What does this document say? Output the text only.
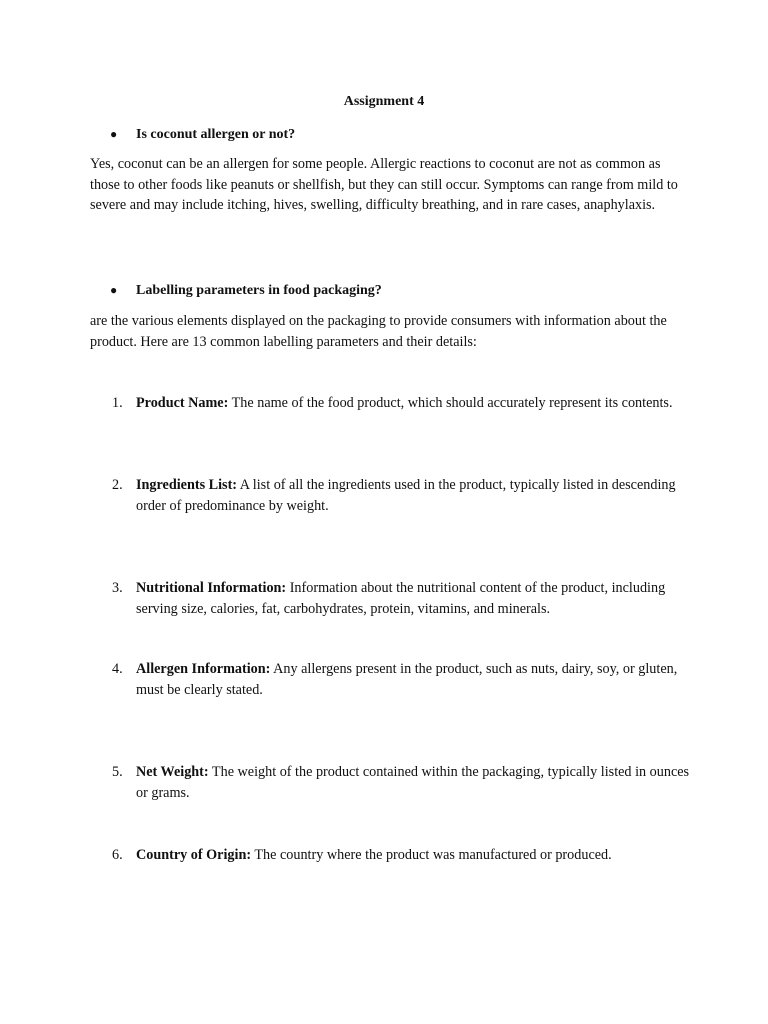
Assignment 4
● Is coconut allergen or not?
Yes, coconut can be an allergen for some people. Allergic reactions to coconut are not as common as those to other foods like peanuts or shellfish, but they can still occur. Symptoms can range from mild to severe and may include itching, hives, swelling, difficulty breathing, and in rare cases, anaphylaxis.
● Labelling parameters in food packaging?
are the various elements displayed on the packaging to provide consumers with information about the product. Here are 13 common labelling parameters and their details:
1. Product Name: The name of the food product, which should accurately represent its contents.
2. Ingredients List: A list of all the ingredients used in the product, typically listed in descending order of predominance by weight.
3. Nutritional Information: Information about the nutritional content of the product, including serving size, calories, fat, carbohydrates, protein, vitamins, and minerals.
4. Allergen Information: Any allergens present in the product, such as nuts, dairy, soy, or gluten, must be clearly stated.
5. Net Weight: The weight of the product contained within the packaging, typically listed in ounces or grams.
6. Country of Origin: The country where the product was manufactured or produced.
